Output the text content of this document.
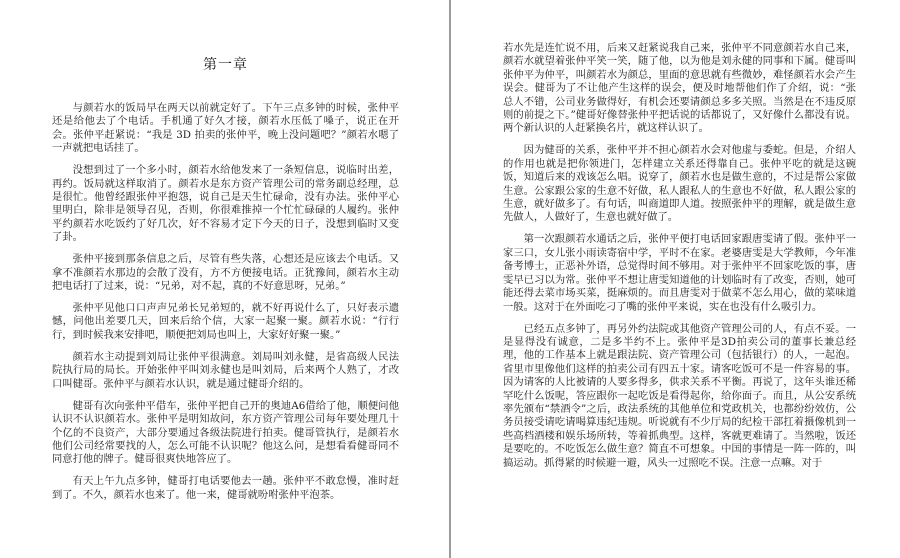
第一章

与颜若水的饭局早在两天以前就定好了。下午三点多钟的时候，张仲平还是给他去了个电话。手机通了好久才接，颜若水压低了嗓子，说正在开会。张仲平赶紧说：“我是 3D 拍卖的张仲平，晚上没问题吧？”颜若水嗯了一声就把电话挂了。

没想到过了一个多小时，颜若水给他发来了一条短信息，说临时出差，再约。饭局就这样取消了。颜若水是东方资产管理公司的常务副总经理，总是很忙。他曾经跟张仲平抱怨，说自己是天生忙碌命，没有办法。张仲平心里明白，除非是领导召见，否则，你很难推掉一个忙忙碌碌的人履约。张仲平约颜若水吃饭约了好几次，好不容易才定下今天的日子，没想到临时又变了卦。

张仲平接到那条信息之后，尽管有些失落，心想还是应该去个电话。又拿不准颜若水那边的会散了没有，方不方便接电话。正犹豫间，颜若水主动把电话打了过来，说：“兄弟，对不起，真的不好意思呀，兄弟。”

张仲平见他口口声声兄弟长兄弟短的，就不好再说什么了，只好表示遗憾，问他出差要几天，回来后给个信，大家一起聚一聚。颜若水说：“行行行，到时候我来安排吧，顺便把刘局也叫上，大家好好聚一聚。”

颜若水主动提到刘局让张仲平很满意。刘局叫刘永健，是省高级人民法院执行局的局长。开始张仲平叫刘永健也是叫刘局，后来两个人熟了，才改口叫健哥。张仲平与颜若水认识，就是通过健哥介绍的。

健哥有次向张仲平借车，张仲平把自己开的奥迪A6借给了他，顺便问他认识不认识颜若水。张仲平是明知故问，东方资产管理公司每年要处理几十个亿的不良资产，大部分要通过各级法院进行拍卖。健哥管执行，是颜若水他们公司经常要找的人，怎么可能不认识呢？他这么问，是想看看健哥同不同意打他的牌子。健哥很爽快地答应了。

有天上午九点多钟，健哥打电话要他去一趟。张仲平不敢怠慢，准时赶到了。不久，颜若水也来了。他一来，健哥就吩咐张仲平泡茶。

若水先是连忙说不用，后来又赶紧说我自己来，张仲平不同意颜若水自己来，颜若水就望着张仲平笑一笑，随了他，以为他是刘永健的同事和下属。健哥叫张仲平为仲平，叫颜若水为颜总，里面的意思就有些微妙，难怪颜若水会产生误会。健哥为了不让他产生这样的误会，便及时地帮他们作了介绍，说：“张总人不错，公司业务做得好，有机会还要请颜总多多关照。当然是在不违反原则的前提之下。”健哥好像替张仲平把话说的话都说了，又好像什么都没有说。两个新认识的人赶紧换名片，就这样认识了。

因为健哥的关系，张仲平并不担心颜若水会对他虚与委蛇。但是，介绍人的作用也就是把你领进门，怎样建立关系还得靠自己。张仲平吃的就是这碗饭，知道后来的戏该怎么唱。说穿了，颜若水也是做生意的，不过是帮公家做生意。公家跟公家的生意不好做，私人跟私人的生意也不好做，私人跟公家的生意，就好做多了。有句话，叫商道即人道。按照张仲平的理解，就是做生意先做人，人做好了，生意也就好做了。

第一次跟颜若水通话之后，张仲平便打电话回家跟唐雯请了假。张仲平一家三口，女儿张小雨读寄宿中学，平时不在家。老婆唐雯是大学教师，今年准备考博士，正恶补外语，总觉得时间不够用。对于张仲平不回家吃饭的事，唐雯早已习以为常。张仲平不想让唐雯知道他的计划临时有了改变，否则，她可能还得去菜市场买菜，挺麻烦的。而且唐雯对于做菜不怎么用心，做的菜味道一般。这对于在外面吃刁了嘴的张仲平来说，实在也没有什么吸引力。

已经五点多钟了，再另外约法院或其他资产管理公司的人，有点不妥。一是显得没有诚意，二是多半约不上。张仲平是3D拍卖公司的董事长兼总经理，他的工作基本上就是跟法院、资产管理公司（包括银行）的人，一起泡。省里市里像他们这样的拍卖公司有四五十家。请客吃饭可不是一件容易的事。因为请客的人比被请的人要多得多，供求关系不平衡。再说了，这年头谁还稀罕吃什么饭呢，答应跟你一起吃饭是看得起你，给你面子。而且，从公安系统率先颁布“禁酒令”之后，政法系统的其他单位和党政机关，也都纷纷效仿，公务员接受请吃请喝算违纪违规。听说就有不少厅局的纪检干部扛着摄像机到一些高档酒楼和娱乐场所转，等着抓典型。这样，客就更难请了。当然啦，饭还是要吃的。不吃饭怎么做生意？简直不可想象。中国的事情是一阵一阵的，叫搞运动。抓得紧的时候避一避，风头一过照吃不误。注意一点嘛。对于
